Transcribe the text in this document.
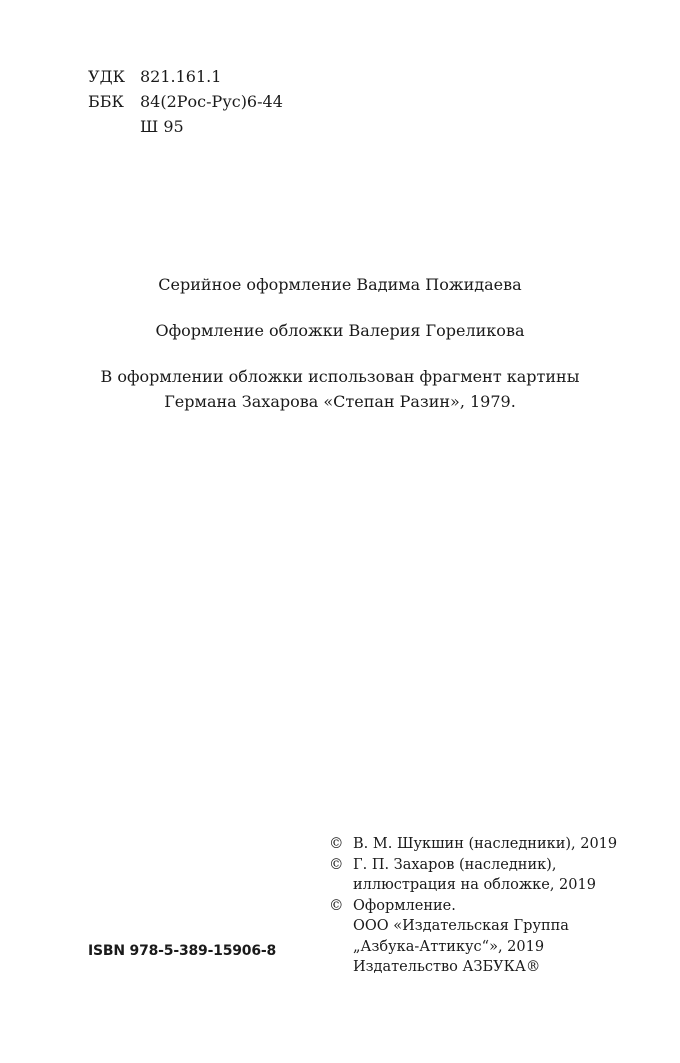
УДК 821.161.1
ББК	84(2Рос-Рус)6-44
Ш 95

Серийное оформление Вадима Пожидаева

Оформление обложки Валерия Гореликова

В оформлении обложки использован фрагмент картины
Германа Захарова «Степан Разин», 1979.

ISBN 978-5-389-15906-8
© В. М. Шукшин (наследники), 2019
© Г. П. Захаров (наследник),
иллюстрация на обложке, 2019
© Оформление.
ООО «Издательская Группа
„Азбука-Аттикус“», 2019
Издательство АЗБУКА®
